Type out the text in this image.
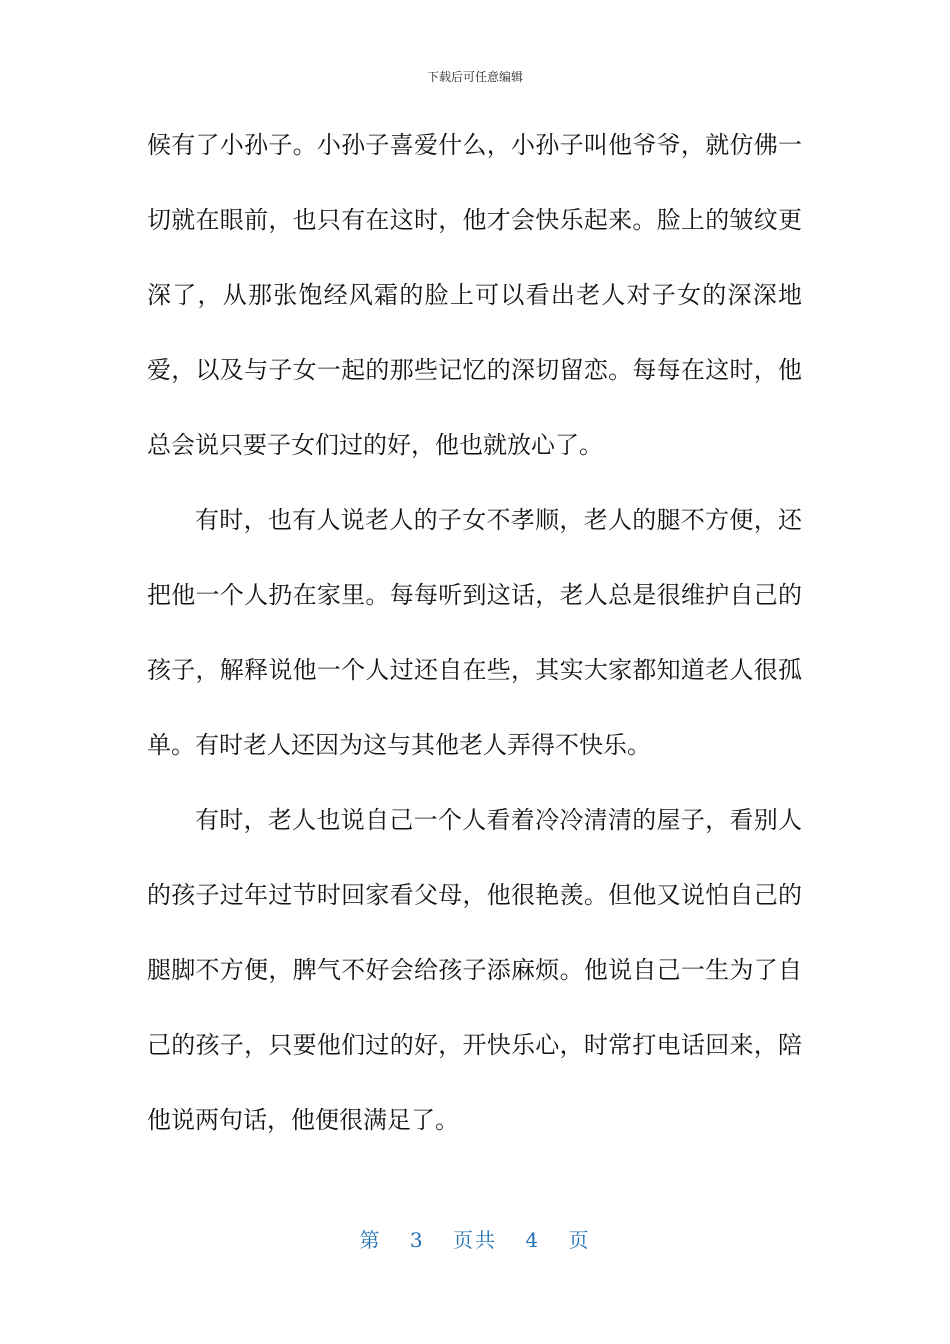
下载后可任意编辑

候有了小孙子。小孙子喜爱什么，小孙子叫他爷爷，就仿佛一切就在眼前，也只有在这时，他才会快乐起来。脸上的皱纹更深了，从那张饱经风霜的脸上可以看出老人对子女的深深地爱，以及与子女一起的那些记忆的深切留恋。每每在这时，他总会说只要子女们过的好，他也就放心了。

有时，也有人说老人的子女不孝顺，老人的腿不方便，还把他一个人扔在家里。每每听到这话，老人总是很维护自己的孩子，解释说他一个人过还自在些，其实大家都知道老人很孤单。有时老人还因为这与其他老人弄得不快乐。

有时，老人也说自己一个人看着冷冷清清的屋子，看别人的孩子过年过节时回家看父母，他很艳羡。但他又说怕自己的腿脚不方便，脾气不好会给孩子添麻烦。他说自己一生为了自己的孩子，只要他们过的好，开快乐心，时常打电话回来，陪他说两句话，他便很满足了。

第 3 页共 4 页
